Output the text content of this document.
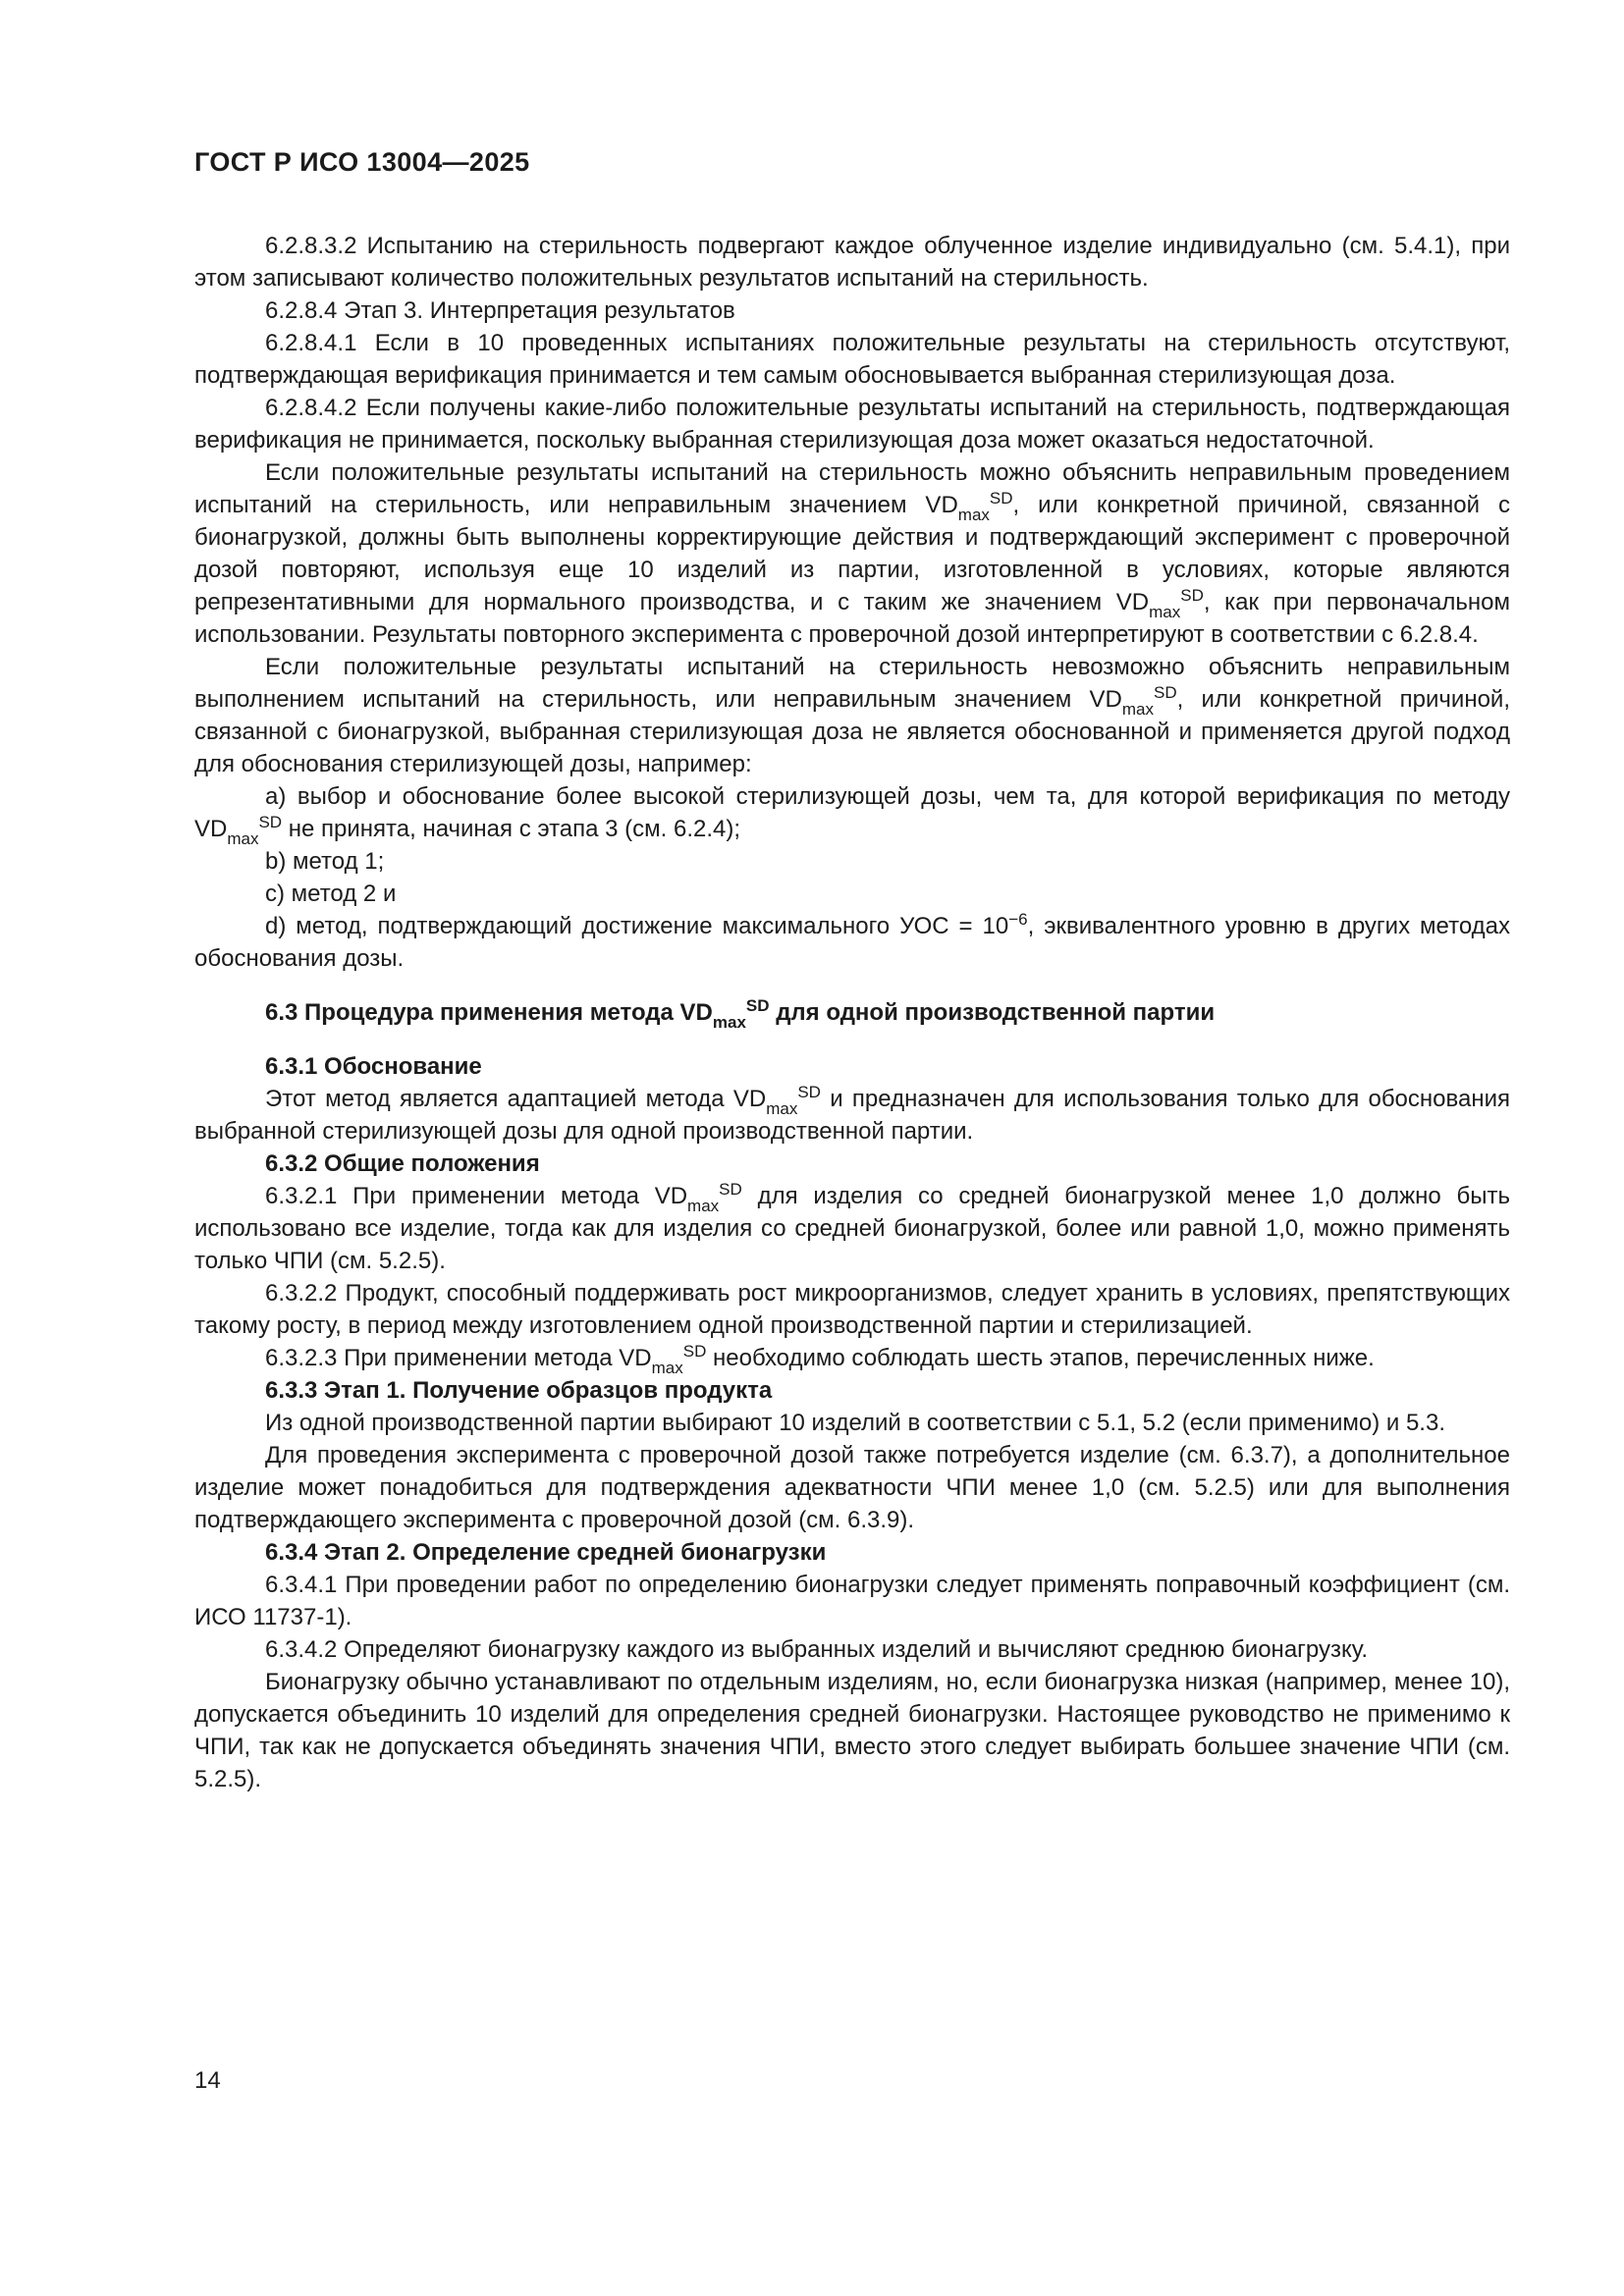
ГОСТ Р ИСО 13004—2025

6.2.8.3.2 Испытанию на стерильность подвергают каждое облученное изделие индивидуально (см. 5.4.1), при этом записывают количество положительных результатов испытаний на стерильность.

6.2.8.4 Этап 3. Интерпретация результатов

6.2.8.4.1 Если в 10 проведенных испытаниях положительные результаты на стерильность отсутствуют, подтверждающая верификация принимается и тем самым обосновывается выбранная стерилизующая доза.

6.2.8.4.2 Если получены какие-либо положительные результаты испытаний на стерильность, подтверждающая верификация не принимается, поскольку выбранная стерилизующая доза может оказаться недостаточной.

Если положительные результаты испытаний на стерильность можно объяснить неправильным проведением испытаний на стерильность, или неправильным значением $VD_{max}^{SD}$, или конкретной причиной, связанной с бионагрузкой, должны быть выполнены корректирующие действия и подтверждающий эксперимент с проверочной дозой повторяют, используя еще 10 изделий из партии, изготовленной в условиях, которые являются репрезентативными для нормального производства, и с таким же значением $VD_{max}^{SD}$, как при первоначальном использовании. Результаты повторного эксперимента с проверочной дозой интерпретируют в соответствии с 6.2.8.4.

Если положительные результаты испытаний на стерильность невозможно объяснить неправильным выполнением испытаний на стерильность, или неправильным значением $VD_{max}^{SD}$, или конкретной причиной, связанной с бионагрузкой, выбранная стерилизующая доза не является обоснованной и применяется другой подход для обоснования стерилизующей дозы, например:

a) выбор и обоснование более высокой стерилизующей дозы, чем та, для которой верификация по методу $VD_{max}^{SD}$ не принята, начиная с этапа 3 (см. 6.2.4);

b) метод 1;

c) метод 2 и

d) метод, подтверждающий достижение максимального УОС = $10^{-6}$, эквивалентного уровню в других методах обоснования дозы.

6.3 Процедура применения метода $VD_{max}^{SD}$ для одной производственной партии
6.3.1 Обоснование

Этот метод является адаптацией метода $VD_{max}^{SD}$ и предназначен для использования только для обоснования выбранной стерилизующей дозы для одной производственной партии.

6.3.2 Общие положения

6.3.2.1 При применении метода $VD_{max}^{SD}$ для изделия со средней бионагрузкой менее 1,0 должно быть использовано все изделие, тогда как для изделия со средней бионагрузкой, более или равной 1,0, можно применять только ЧПИ (см. 5.2.5).

6.3.2.2 Продукт, способный поддерживать рост микроорганизмов, следует хранить в условиях, препятствующих такому росту, в период между изготовлением одной производственной партии и стерилизацией.

6.3.2.3 При применении метода $VD_{max}^{SD}$ необходимо соблюдать шесть этапов, перечисленных ниже.

6.3.3 Этап 1. Получение образцов продукта

Из одной производственной партии выбирают 10 изделий в соответствии с 5.1, 5.2 (если применимо) и 5.3.

Для проведения эксперимента с проверочной дозой также потребуется изделие (см. 6.3.7), а дополнительное изделие может понадобиться для подтверждения адекватности ЧПИ менее 1,0 (см. 5.2.5) или для выполнения подтверждающего эксперимента с проверочной дозой (см. 6.3.9).

6.3.4 Этап 2. Определение средней бионагрузки

6.3.4.1 При проведении работ по определению бионагрузки следует применять поправочный коэффициент (см. ИСО 11737-1).

6.3.4.2 Определяют бионагрузку каждого из выбранных изделий и вычисляют среднюю бионагрузку.

Бионагрузку обычно устанавливают по отдельным изделиям, но, если бионагрузка низкая (например, менее 10), допускается объединить 10 изделий для определения средней бионагрузки. Настоящее руководство не применимо к ЧПИ, так как не допускается объединять значения ЧПИ, вместо этого следует выбирать большее значение ЧПИ (см. 5.2.5).

14
